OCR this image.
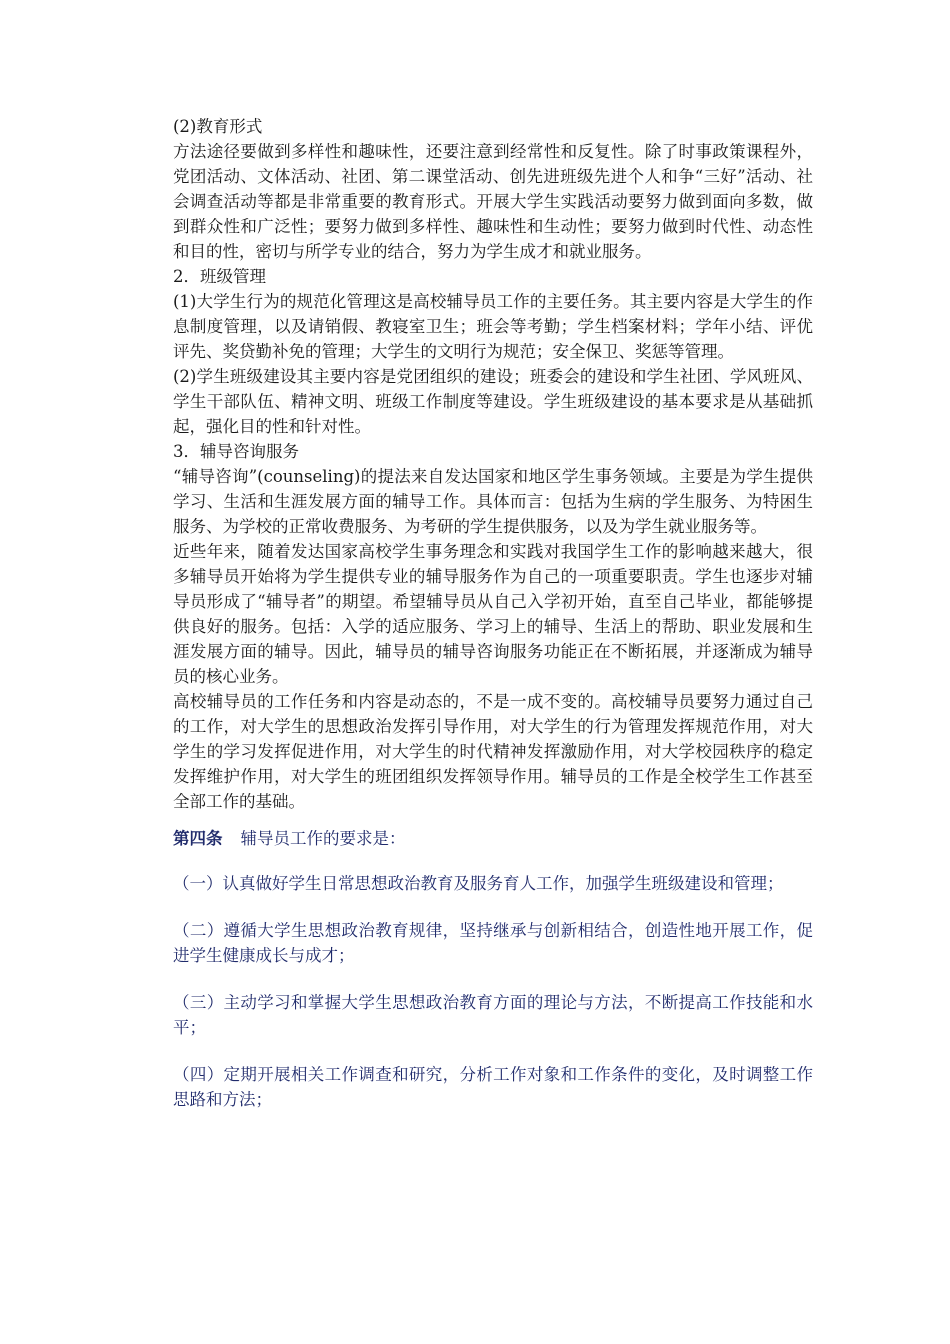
(2)教育形式

方法途径要做到多样性和趣味性，还要注意到经常性和反复性。除了时事政策课程外，党团活动、文体活动、社团、第二课堂活动、创先进班级先进个人和争“三好”活动、社会调查活动等都是非常重要的教育形式。开展大学生实践活动要努力做到面向多数，做到群众性和广泛性；要努力做到多样性、趣味性和生动性；要努力做到时代性、动态性和目的性，密切与所学专业的结合，努力为学生成才和就业服务。

2．班级管理

(1)大学生行为的规范化管理这是高校辅导员工作的主要任务。其主要内容是大学生的作息制度管理，以及请销假、教寝室卫生；班会等考勤；学生档案材料；学年小结、评优评先、奖贷勤补免的管理；大学生的文明行为规范；安全保卫、奖惩等管理。

(2)学生班级建设其主要内容是党团组织的建设；班委会的建设和学生社团、学风班风、学生干部队伍、精神文明、班级工作制度等建设。学生班级建设的基本要求是从基础抓起，强化目的性和针对性。

3．辅导咨询服务

“辅导咨询”(counseling)的提法来自发达国家和地区学生事务领域。主要是为学生提供学习、生活和生涯发展方面的辅导工作。具体而言：包括为生病的学生服务、为特困生服务、为学校的正常收费服务、为考研的学生提供服务，以及为学生就业服务等。

近些年来，随着发达国家高校学生事务理念和实践对我国学生工作的影响越来越大，很多辅导员开始将为学生提供专业的辅导服务作为自己的一项重要职责。学生也逐步对辅导员形成了“辅导者”的期望。希望辅导员从自己入学初开始，直至自己毕业，都能够提供良好的服务。包括：入学的适应服务、学习上的辅导、生活上的帮助、职业发展和生涯发展方面的辅导。因此，辅导员的辅导咨询服务功能正在不断拓展，并逐渐成为辅导员的核心业务。

高校辅导员的工作任务和内容是动态的，不是一成不变的。高校辅导员要努力通过自己的工作，对大学生的思想政治发挥引导作用，对大学生的行为管理发挥规范作用，对大学生的学习发挥促进作用，对大学生的时代精神发挥激励作用，对大学校园秩序的稳定发挥维护作用，对大学生的班团组织发挥领导作用。辅导员的工作是全校学生工作甚至全部工作的基础。

第四条 辅导员工作的要求是：

（一）认真做好学生日常思想政治教育及服务育人工作，加强学生班级建设和管理；

（二）遵循大学生思想政治教育规律，坚持继承与创新相结合，创造性地开展工作，促进学生健康成长与成才；

（三）主动学习和掌握大学生思想政治教育方面的理论与方法，不断提高工作技能和水平；

（四）定期开展相关工作调查和研究，分析工作对象和工作条件的变化，及时调整工作思路和方法；
